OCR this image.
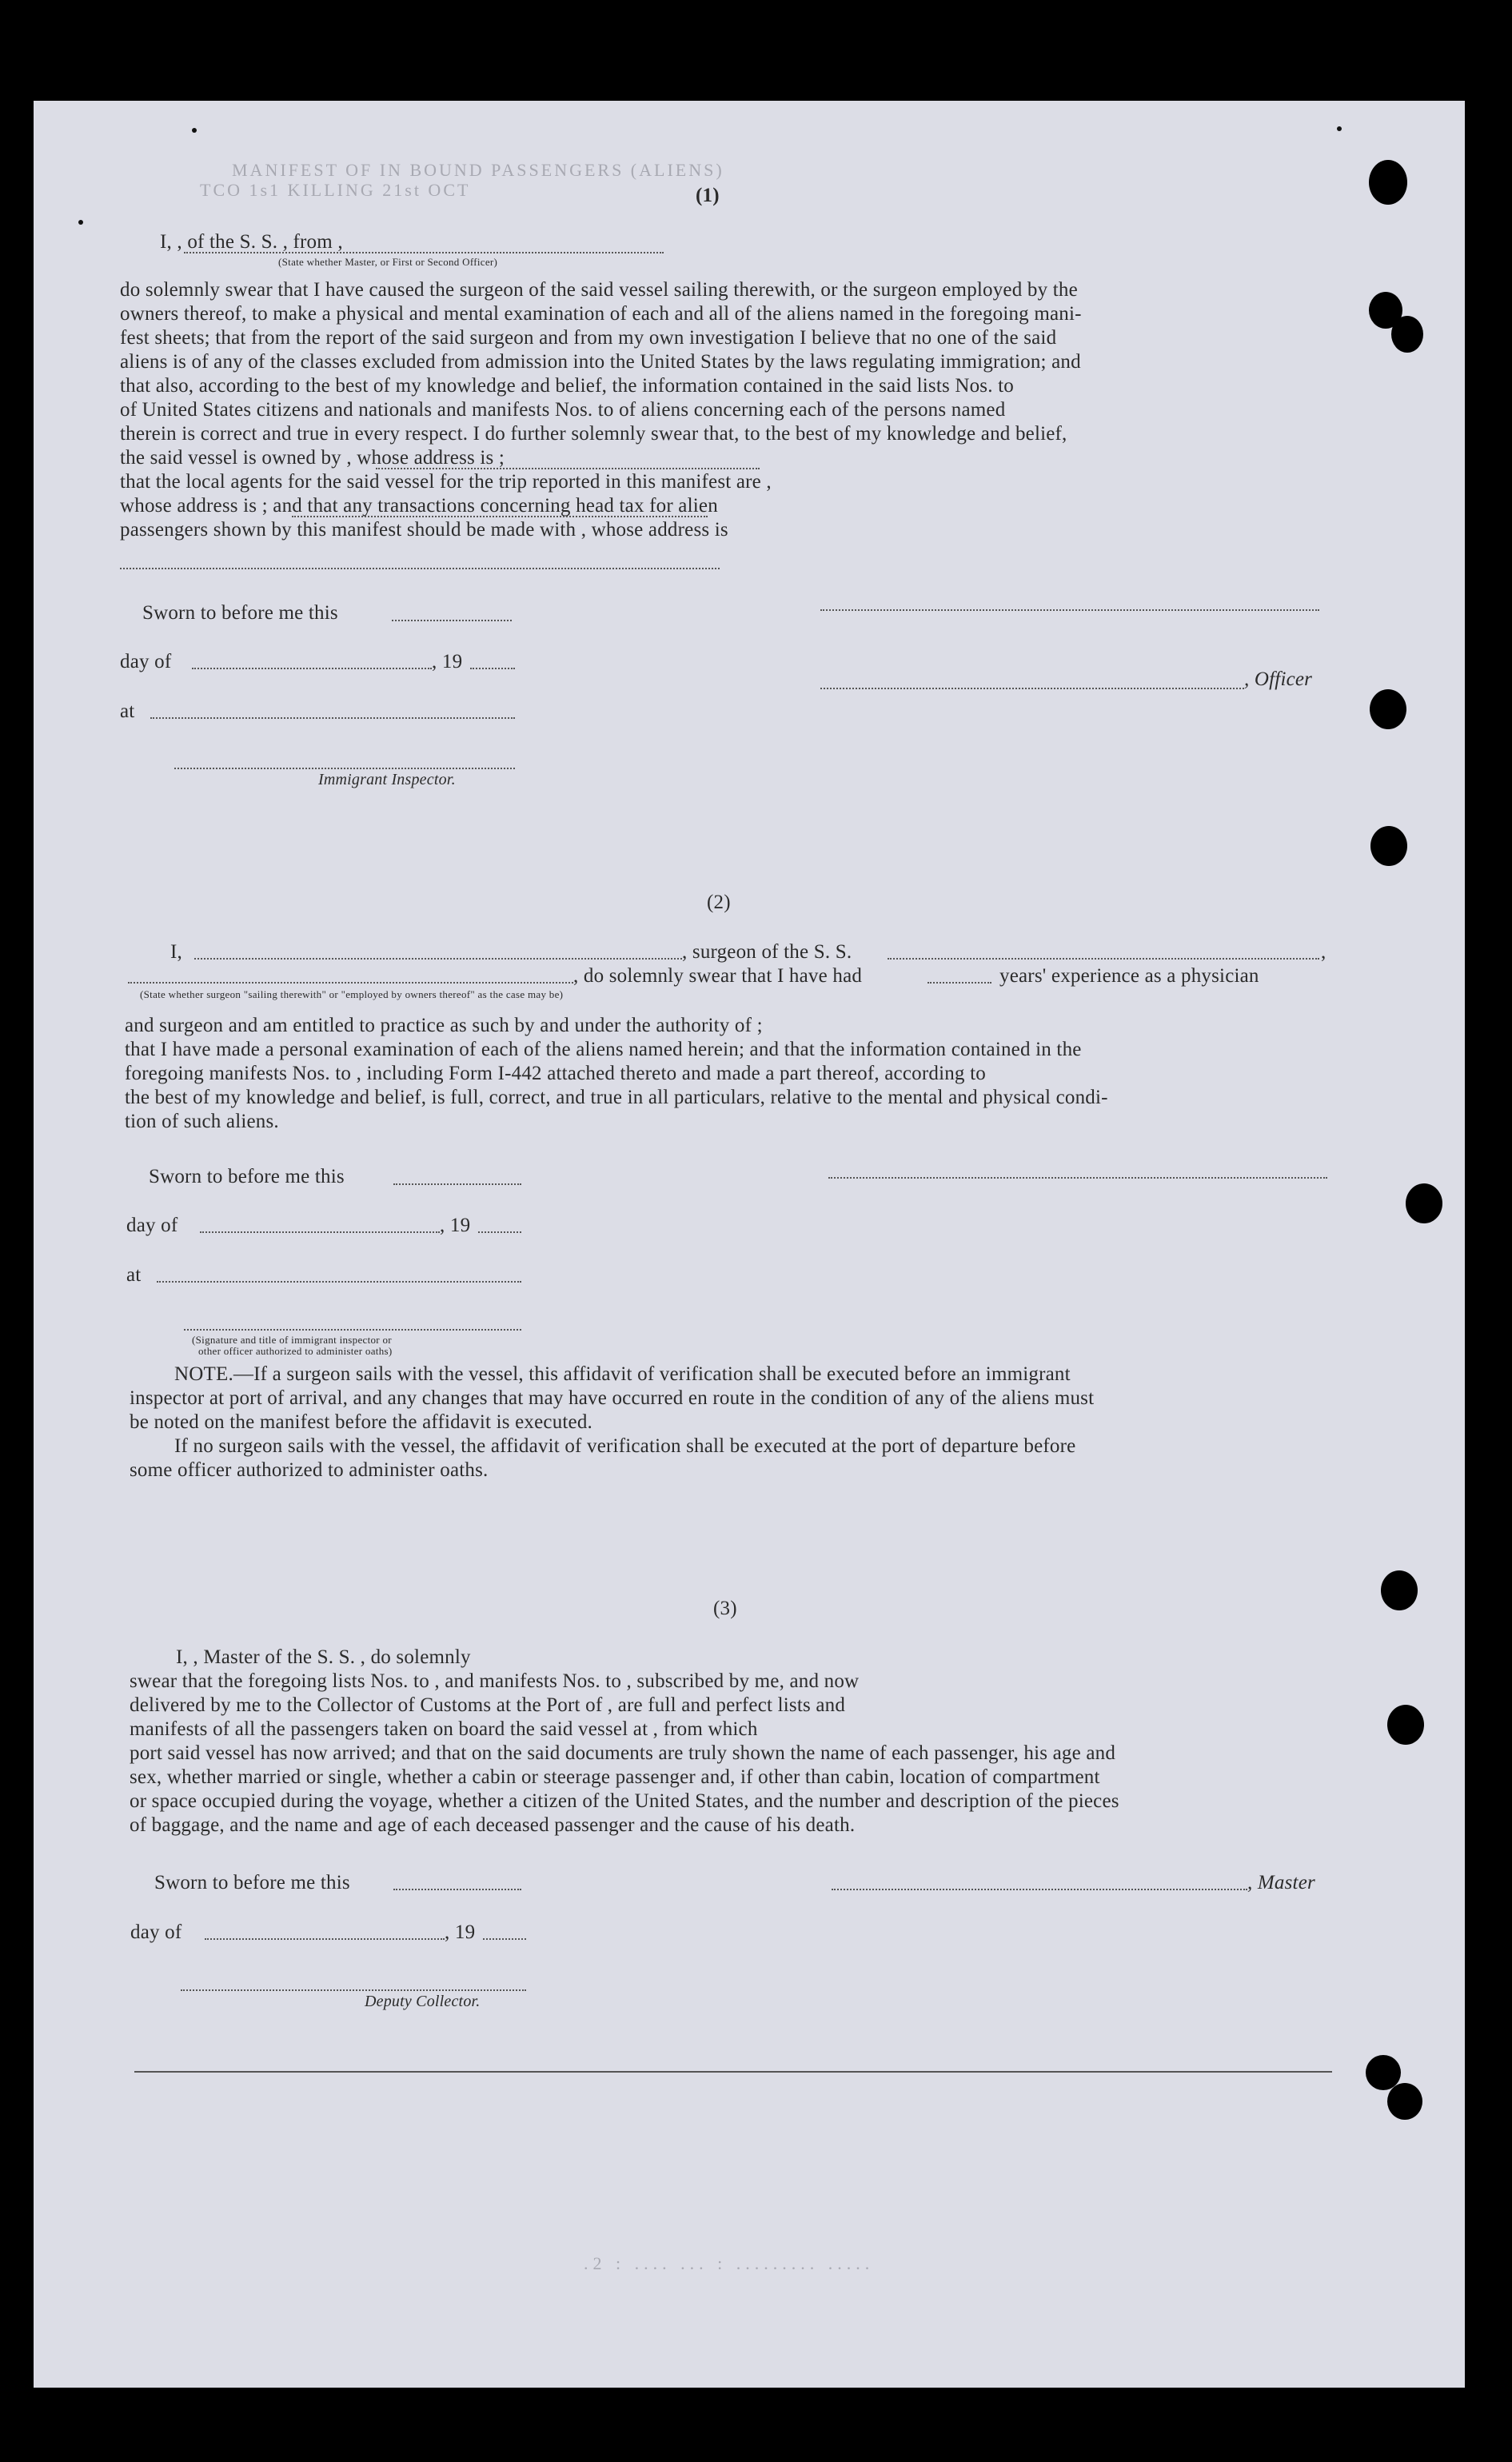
TCO 1s1 KILLING 21st OCT
MANIFEST OF IN BOUND PASSENGERS (ALIENS)
(1)
I, , of the S. S. , from ,
(State whether Master, or First or Second Officer)
do solemnly swear that I have caused the surgeon of the said vessel sailing therewith, or the surgeon employed by the
owners thereof, to make a physical and mental examination of each and all of the aliens named in the foregoing mani-
fest sheets; that from the report of the said surgeon and from my own investigation I believe that no one of the said
aliens is of any of the classes excluded from admission into the United States by the laws regulating immigration; and
that also, according to the best of my knowledge and belief, the information contained in the said lists Nos. to
of United States citizens and nationals and manifests Nos. to of aliens concerning each of the persons named
therein is correct and true in every respect. I do further solemnly swear that, to the best of my knowledge and belief,
the said vessel is owned by , whose address is ;
that the local agents for the said vessel for the trip reported in this manifest are ,
whose address is ; and that any transactions concerning head tax for alien
passengers shown by this manifest should be made with , whose address is
Sworn to before me this
day of	, 19
, Officer
at
Immigrant Inspector.
(2)
I,	, surgeon of the S. S.	,
, do solemnly swear that I have had	years' experience as a physician
(State whether surgeon "sailing therewith" or "employed by owners thereof" as the case may be)
and surgeon and am entitled to practice as such by and under the authority of ;
that I have made a personal examination of each of the aliens named herein; and that the information contained in the
foregoing manifests Nos. to , including Form I-442 attached thereto and made a part thereof, according to
the best of my knowledge and belief, is full, correct, and true in all particulars, relative to the mental and physical condi-
tion of such aliens.
Sworn to before me this
day of	, 19
at
(Signature and title of immigrant inspector or
other officer authorized to administer oaths)
NOTE.—If a surgeon sails with the vessel, this affidavit of verification shall be executed before an immigrant
inspector at port of arrival, and any changes that may have occurred en route in the condition of any of the aliens must
be noted on the manifest before the affidavit is executed.
If no surgeon sails with the vessel, the affidavit of verification shall be executed at the port of departure before
some officer authorized to administer oaths.
(3)
I, , Master of the S. S. , do solemnly
swear that the foregoing lists Nos. to , and manifests Nos. to , subscribed by me, and now
delivered by me to the Collector of Customs at the Port of , are full and perfect lists and
manifests of all the passengers taken on board the said vessel at , from which
port said vessel has now arrived; and that on the said documents are truly shown the name of each passenger, his age and
sex, whether married or single, whether a cabin or steerage passenger and, if other than cabin, location of compartment
or space occupied during the voyage, whether a citizen of the United States, and the number and description of the pieces
of baggage, and the name and age of each deceased passenger and the cause of his death.
Sworn to before me this	, Master
day of	, 19
Deputy Collector.
.2 : .... ... : ......... .....
